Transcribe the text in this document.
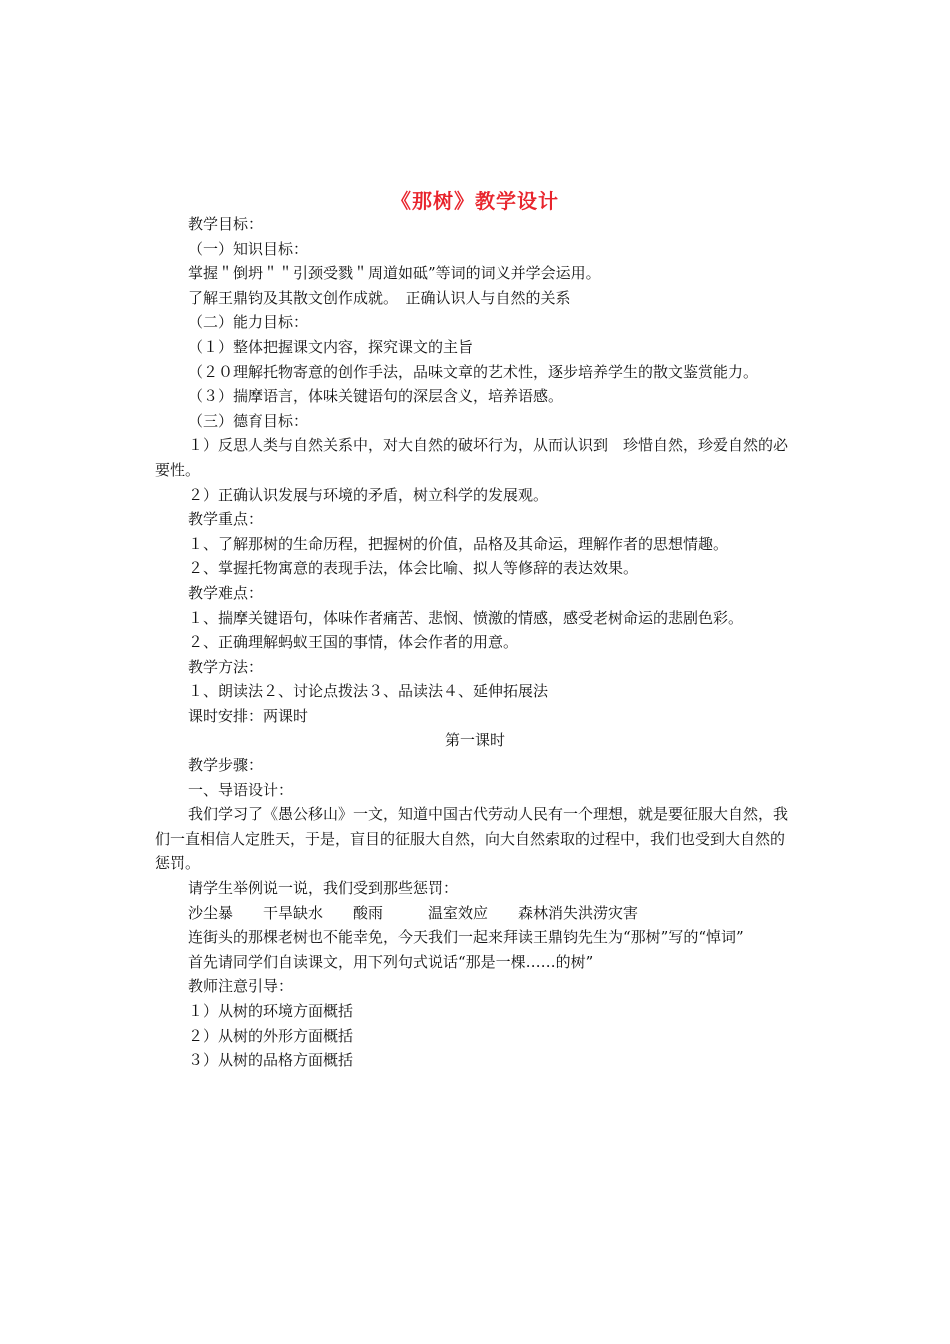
《那树》教学设计

教学目标：

（一）知识目标：

掌握＂倒坍＂＂引颈受戮＂周道如砥”等词的词义并学会运用。

了解王鼎钧及其散文创作成就。　正确认识人与自然的关系

（二）能力目标：

（１）整体把握课文内容，探究课文的主旨

（２０理解托物寄意的创作手法，品味文章的艺术性，逐步培养学生的散文鉴赏能力。

（３）揣摩语言，体味关键语句的深层含义，培养语感。

（三）德育目标：

１）反思人类与自然关系中，对大自然的破坏行为，从而认识到　珍惜自然，珍爱自然的必要性。

２）正确认识发展与环境的矛盾，树立科学的发展观。

教学重点：

１、了解那树的生命历程，把握树的价值，品格及其命运，理解作者的思想情趣。

２、掌握托物寓意的表现手法，体会比喻、拟人等修辞的表达效果。

教学难点：

１、揣摩关键语句，体味作者痛苦、悲悯、愤激的情感，感受老树命运的悲剧色彩。

２、正确理解蚂蚁王国的事情，体会作者的用意。

教学方法：

１、朗读法２、讨论点拨法３、品读法４、延伸拓展法

课时安排：两课时

第一课时

教学步骤：

一、导语设计：

我们学习了《愚公移山》一文，知道中国古代劳动人民有一个理想，就是要征服大自然，我们一直相信人定胜天，于是，盲目的征服大自然，向大自然索取的过程中，我们也受到大自然的惩罚。

请学生举例说一说，我们受到那些惩罚：

沙尘暴　　干旱缺水　　酸雨　　　温室效应　　森林消失洪涝灾害

连街头的那棵老树也不能幸免，今天我们一起来拜读王鼎钧先生为“那树”写的“悼词”

首先请同学们自读课文，用下列句式说话“那是一棵……的树”

教师注意引导：

１）从树的环境方面概括

２）从树的外形方面概括

３）从树的品格方面概括
